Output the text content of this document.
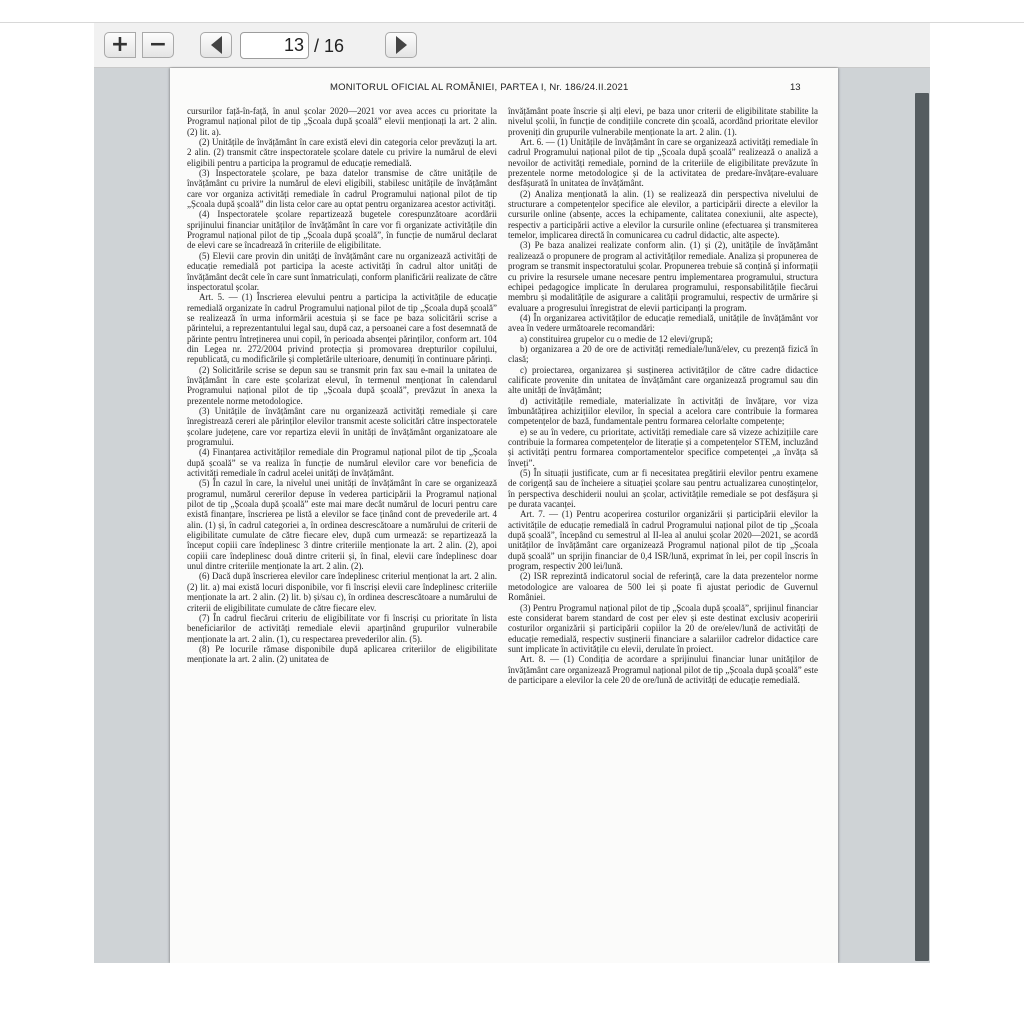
+ −	13 / 16
MONITORUL OFICIAL AL ROMÂNIEI, PARTEA I, Nr. 186/24.II.2021	13

cursurilor față-în-față, în anul școlar 2020—2021 vor avea acces cu prioritate la Programul național pilot de tip „Școala după școală” elevii menționați la art. 2 alin. (2) lit. a).

(2) Unitățile de învățământ în care există elevi din categoria celor prevăzuți la art. 2 alin. (2) transmit către inspectoratele școlare datele cu privire la numărul de elevi eligibili pentru a participa la programul de educație remedială.

(3) Inspectoratele școlare, pe baza datelor transmise de către unitățile de învățământ cu privire la numărul de elevi eligibili, stabilesc unitățile de învățământ care vor organiza activități remediale în cadrul Programului național pilot de tip „Școala după școală” din lista celor care au optat pentru organizarea acestor activități.

(4) Inspectoratele școlare repartizează bugetele corespunzătoare acordării sprijinului financiar unităților de învățământ în care vor fi organizate activitățile din Programul național pilot de tip „Școala după școală”, în funcție de numărul declarat de elevi care se încadrează în criteriile de eligibilitate.

(5) Elevii care provin din unități de învățământ care nu organizează activități de educație remedială pot participa la aceste activități în cadrul altor unități de învățământ decât cele în care sunt înmatriculați, conform planificării realizate de către inspectoratul școlar.

Art. 5. — (1) Înscrierea elevului pentru a participa la activitățile de educație remedială organizate în cadrul Programului național pilot de tip „Școala după școală” se realizează în urma informării acestuia și se face pe baza solicitării scrise a părintelui, a reprezentantului legal sau, după caz, a persoanei care a fost desemnată de părinte pentru întreținerea unui copil, în perioada absenței părinților, conform art. 104 din Legea nr. 272/2004 privind protecția și promovarea drepturilor copilului, republicată, cu modificările și completările ulterioare, denumiți în continuare părinți.

(2) Solicitările scrise se depun sau se transmit prin fax sau e-mail la unitatea de învățământ în care este școlarizat elevul, în termenul menționat în calendarul Programului național pilot de tip „Școala după școală”, prevăzut în anexa la prezentele norme metodologice.

(3) Unitățile de învățământ care nu organizează activități remediale și care înregistrează cereri ale părinților elevilor transmit aceste solicitări către inspectoratele școlare județene, care vor repartiza elevii în unități de învățământ organizatoare ale programului.

(4) Finanțarea activităților remediale din Programul național pilot de tip „Școala după școală” se va realiza în funcție de numărul elevilor care vor beneficia de activități remediale în cadrul acelei unități de învățământ.

(5) În cazul în care, la nivelul unei unități de învățământ în care se organizează programul, numărul cererilor depuse în vederea participării la Programul național pilot de tip „Școala după școală” este mai mare decât numărul de locuri pentru care există finanțare, înscrierea pe listă a elevilor se face ținând cont de prevederile art. 4 alin. (1) și, în cadrul categoriei a, în ordinea descrescătoare a numărului de criterii de eligibilitate cumulate de către fiecare elev, după cum urmează: se repartizează la început copiii care îndeplinesc 3 dintre criteriile menționate la art. 2 alin. (2), apoi copiii care îndeplinesc două dintre criterii și, în final, elevii care îndeplinesc doar unul dintre criteriile menționate la art. 2 alin. (2).

(6) Dacă după înscrierea elevilor care îndeplinesc criteriul menționat la art. 2 alin. (2) lit. a) mai există locuri disponibile, vor fi înscriși elevii care îndeplinesc criteriile menționate la art. 2 alin. (2) lit. b) și/sau c), în ordinea descrescătoare a numărului de criterii de eligibilitate cumulate de către fiecare elev.

(7) În cadrul fiecărui criteriu de eligibilitate vor fi înscriși cu prioritate în lista beneficiarilor de activități remediale elevii aparținând grupurilor vulnerabile menționate la art. 2 alin. (1), cu respectarea prevederilor alin. (5).

(8) Pe locurile rămase disponibile după aplicarea criteriilor de eligibilitate menționate la art. 2 alin. (2) unitatea de

învățământ poate înscrie și alți elevi, pe baza unor criterii de eligibilitate stabilite la nivelul școlii, în funcție de condițiile concrete din școală, acordând prioritate elevilor proveniți din grupurile vulnerabile menționate la art. 2 alin. (1).

Art. 6. — (1) Unitățile de învățământ în care se organizează activități remediale în cadrul Programului național pilot de tip „Școala după școală” realizează o analiză a nevoilor de activități remediale, pornind de la criteriile de eligibilitate prevăzute în prezentele norme metodologice și de la activitatea de predare-învățare-evaluare desfășurată în unitatea de învățământ.

(2) Analiza menționată la alin. (1) se realizează din perspectiva nivelului de structurare a competențelor specifice ale elevilor, a participării directe a elevilor la cursurile online (absențe, acces la echipamente, calitatea conexiunii, alte aspecte), respectiv a participării active a elevilor la cursurile online (efectuarea și transmiterea temelor, implicarea directă în comunicarea cu cadrul didactic, alte aspecte).

(3) Pe baza analizei realizate conform alin. (1) și (2), unitățile de învățământ realizează o propunere de program al activităților remediale. Analiza și propunerea de program se transmit inspectoratului școlar. Propunerea trebuie să conțină și informații cu privire la resursele umane necesare pentru implementarea programului, structura echipei pedagogice implicate în derularea programului, responsabilitățile fiecărui membru și modalitățile de asigurare a calității programului, respectiv de urmărire și evaluare a progresului înregistrat de elevii participanți la program.

(4) În organizarea activităților de educație remedială, unitățile de învățământ vor avea în vedere următoarele recomandări:

a) constituirea grupelor cu o medie de 12 elevi/grupă;

b) organizarea a 20 de ore de activități remediale/lună/elev, cu prezență fizică în clasă;

c) proiectarea, organizarea și susținerea activităților de către cadre didactice calificate provenite din unitatea de învățământ care organizează programul sau din alte unități de învățământ;

d) activitățile remediale, materializate în activități de învățare, vor viza îmbunătățirea achizițiilor elevilor, în special a acelora care contribuie la formarea competențelor de bază, fundamentale pentru formarea celorlalte competențe;

e) se au în vedere, cu prioritate, activități remediale care să vizeze achizițiile care contribuie la formarea competențelor de literație și a competențelor STEM, incluzând și activități pentru formarea comportamentelor specifice competenței „a învăța să înveți”.

(5) În situații justificate, cum ar fi necesitatea pregătirii elevilor pentru examene de corigență sau de încheiere a situației școlare sau pentru actualizarea cunoștințelor, în perspectiva deschiderii noului an școlar, activitățile remediale se pot desfășura și pe durata vacanței.

Art. 7. — (1) Pentru acoperirea costurilor organizării și participării elevilor la activitățile de educație remedială în cadrul Programului național pilot de tip „Școala după școală”, începând cu semestrul al II-lea al anului școlar 2020—2021, se acordă unităților de învățământ care organizează Programul național pilot de tip „Școala după școală” un sprijin financiar de 0,4 ISR/lună, exprimat în lei, per copil înscris în program, respectiv 200 lei/lună.

(2) ISR reprezintă indicatorul social de referință, care la data prezentelor norme metodologice are valoarea de 500 lei și poate fi ajustat periodic de Guvernul României.

(3) Pentru Programul național pilot de tip „Școala după școală”, sprijinul financiar este considerat barem standard de cost per elev și este destinat exclusiv acoperirii costurilor organizării și participării copiilor la 20 de ore/elev/lună de activități de educație remedială, respectiv susținerii financiare a salariilor cadrelor didactice care sunt implicate în activitățile cu elevii, derulate în proiect.

Art. 8. — (1) Condiția de acordare a sprijinului financiar lunar unităților de învățământ care organizează Programul național pilot de tip „Școala după școală” este de participare a elevilor la cele 20 de ore/lună de activități de educație remedială.
